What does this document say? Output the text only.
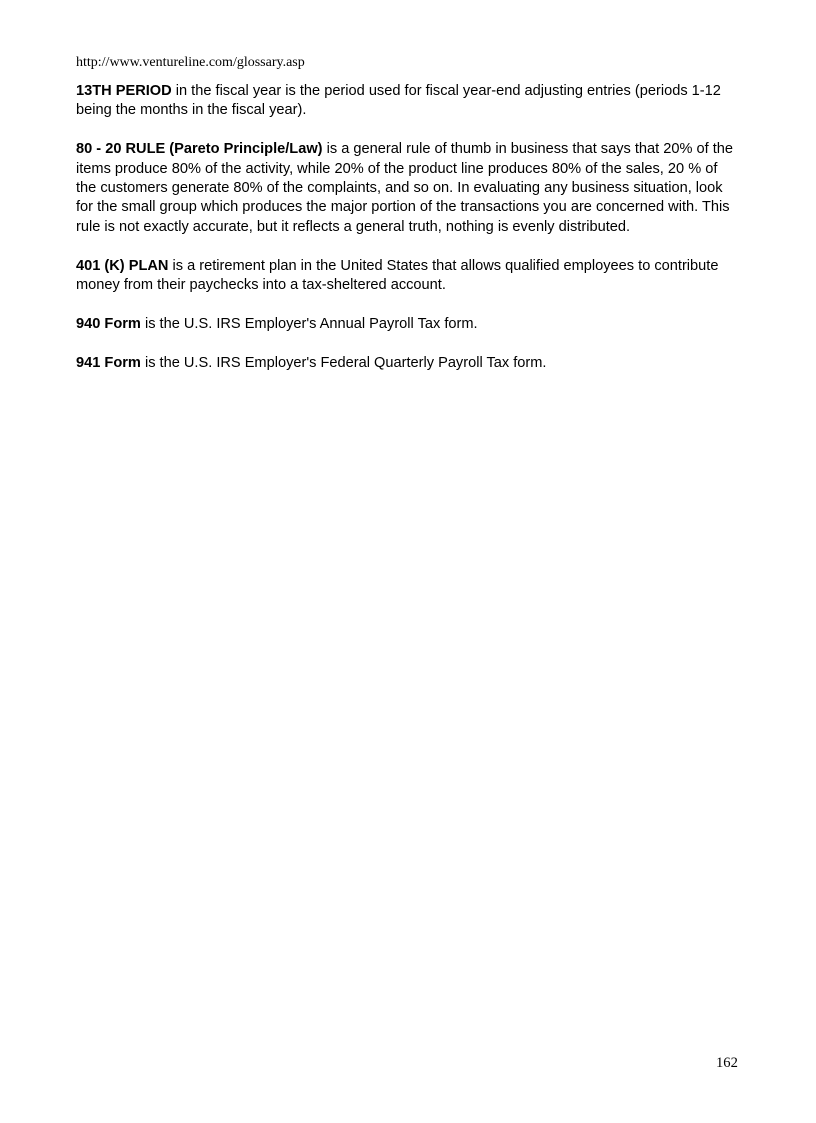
http://www.ventureline.com/glossary.asp

13TH PERIOD in the fiscal year is the period used for fiscal year-end adjusting entries (periods 1-12 being the months in the fiscal year).

80 - 20 RULE (Pareto Principle/Law) is a general rule of thumb in business that says that 20% of the items produce 80% of the activity, while 20% of the product line produces 80% of the sales, 20 % of the customers generate 80% of the complaints, and so on. In evaluating any business situation, look for the small group which produces the major portion of the transactions you are concerned with. This rule is not exactly accurate, but it reflects a general truth, nothing is evenly distributed.

401 (K) PLAN is a retirement plan in the United States that allows qualified employees to contribute money from their paychecks into a tax-sheltered account.

940 Form is the U.S. IRS Employer's Annual Payroll Tax form.

941 Form is the U.S. IRS Employer's Federal Quarterly Payroll Tax form.

162
